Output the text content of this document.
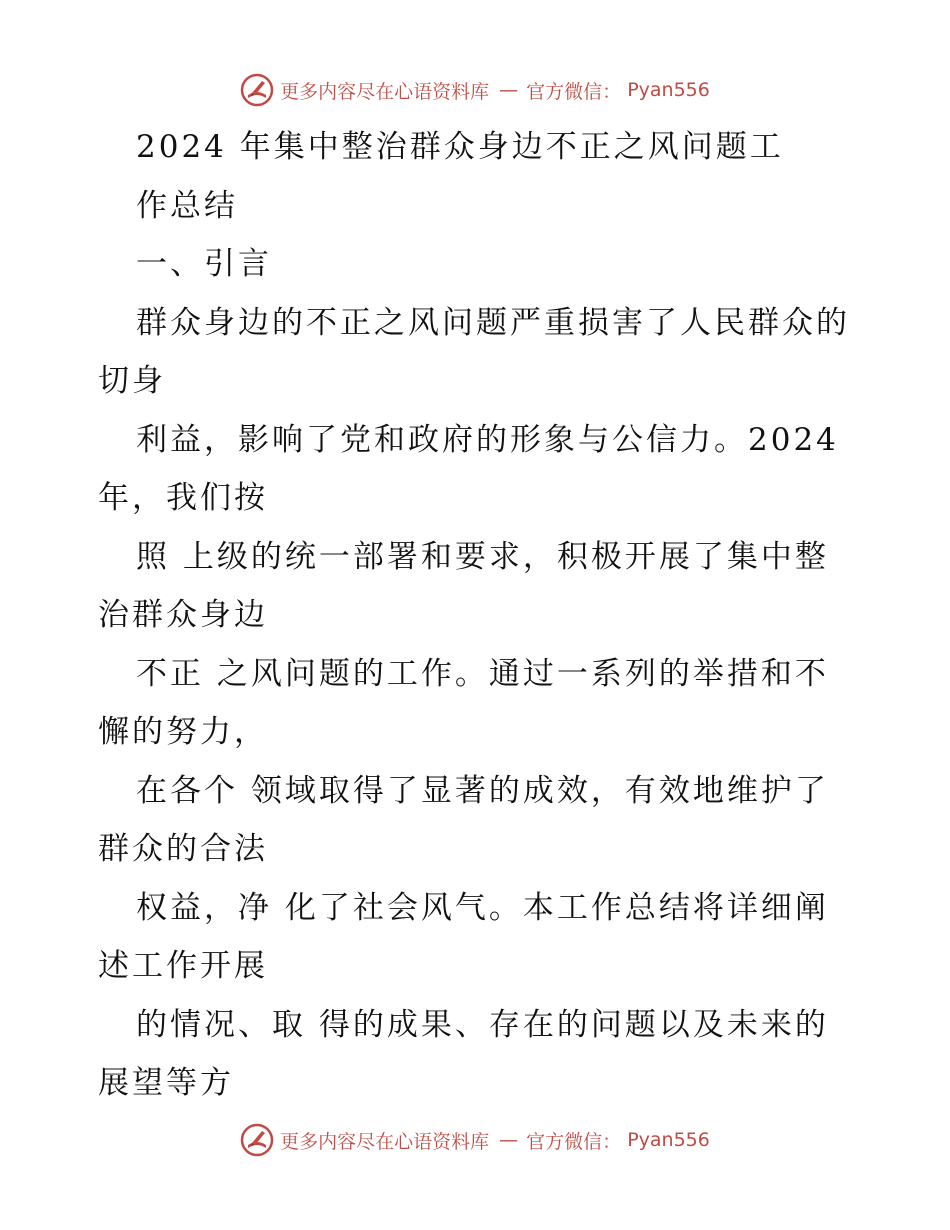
更多内容尽在心语资料库 — 官方微信： Pyan556
2024 年集中整治群众身边不正之风问题工
作总结
一、引言
群众身边的不正之风问题严重损害了人民群众的
切身
利益，影响了党和政府的形象与公信力。2024
年，我们按
照 上级的统一部署和要求，积极开展了集中整
治群众身边
不正 之风问题的工作。通过一系列的举措和不
懈的努力，
在各个 领域取得了显著的成效，有效地维护了
群众的合法
权益，净 化了社会风气。本工作总结将详细阐
述工作开展
的情况、取 得的成果、存在的问题以及未来的
展望等方
更多内容尽在心语资料库 — 官方微信： Pyan556
